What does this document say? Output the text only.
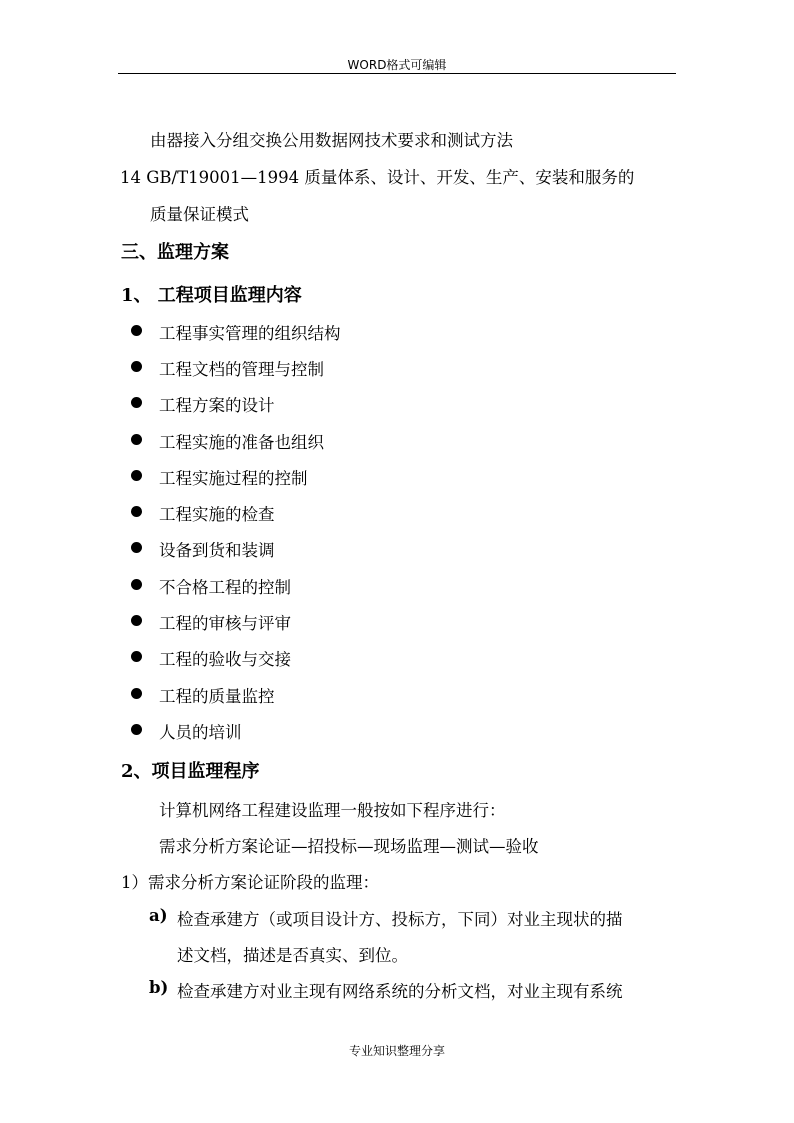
WORD格式可编辑
由器接入分组交换公用数据网技术要求和测试方法
14 GB/T19001—1994 质量体系、设计、开发、生产、安装和服务的
质量保证模式
三、监理方案
1、 工程项目监理内容
工程事实管理的组织结构
工程文档的管理与控制
工程方案的设计
工程实施的准备也组织
工程实施过程的控制
工程实施的检查
设备到货和装调
不合格工程的控制
工程的审核与评审
工程的验收与交接
工程的质量监控
人员的培训
2、项目监理程序
计算机网络工程建设监理一般按如下程序进行：
需求分析方案论证—招投标—现场监理—测试—验收
1）需求分析方案论证阶段的监理：
a) 检查承建方（或项目设计方、投标方，下同）对业主现状的描
述文档，描述是否真实、到位。
b) 检查承建方对业主现有网络系统的分析文档，对业主现有系统
专业知识整理分享
